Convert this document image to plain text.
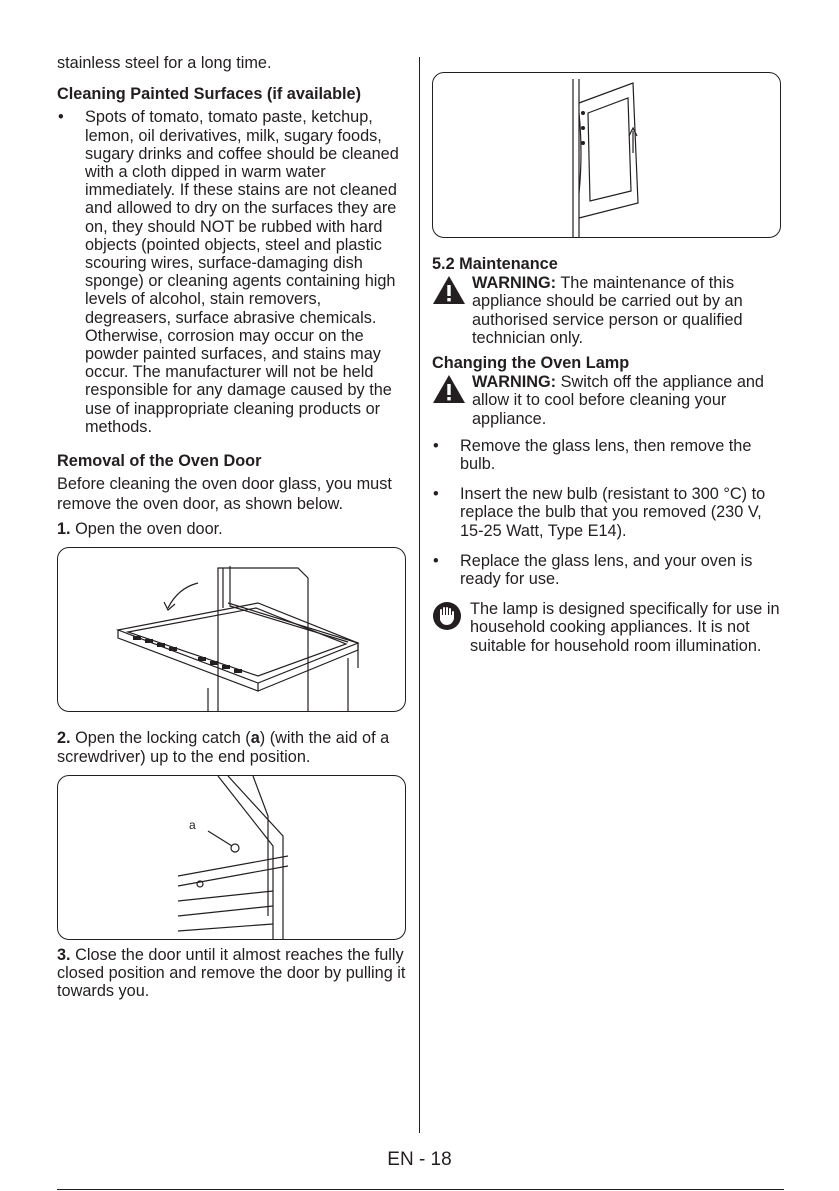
stainless steel for a long time.

Cleaning Painted Surfaces (if available)

• Spots of tomato, tomato paste, ketchup, lemon, oil derivatives, milk, sugary foods, sugary drinks and coffee should be cleaned with a cloth dipped in warm water immediately. If these stains are not cleaned and allowed to dry on the surfaces they are on, they should NOT be rubbed with hard objects (pointed objects, steel and plastic scouring wires, surface-damaging dish sponge) or cleaning agents containing high levels of alcohol, stain removers, degreasers, surface abrasive chemicals. Otherwise, corrosion may occur on the powder painted surfaces, and stains may occur. The manufacturer will not be held responsible for any damage caused by the use of inappropriate cleaning products or methods.

Removal of the Oven Door

Before cleaning the oven door glass, you must remove the oven door, as shown below.

1. Open the oven door.

2. Open the locking catch (a) (with the aid of a screwdriver) up to the end position.

a

3. Close the door until it almost reaches the fully closed position and remove the door by pulling it towards you.

5.2 Maintenance

WARNING: The maintenance of this appliance should be carried out by an authorised service person or qualified technician only.

Changing the Oven Lamp

WARNING: Switch off the appliance and allow it to cool before cleaning your appliance.
• Remove the glass lens, then remove the bulb.
• Insert the new bulb (resistant to 300 °C) to replace the bulb that you removed (230 V, 15-25 Watt, Type E14).
• Replace the glass lens, and your oven is ready for use.
The lamp is designed specifically for use in household cooking appliances. It is not suitable for household room illumination.
EN - 18
